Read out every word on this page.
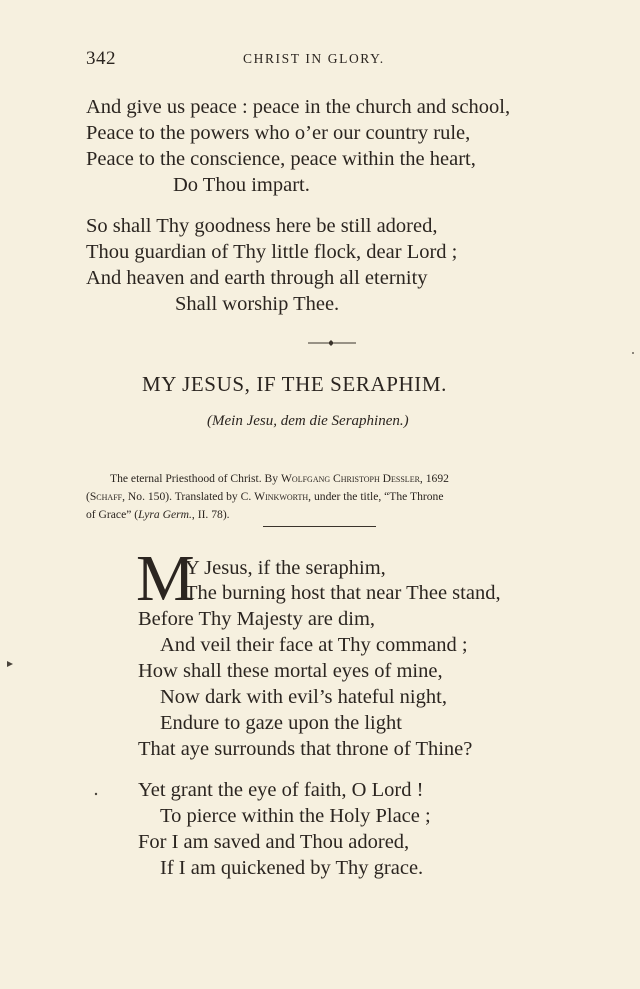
342	CHRIST IN GLORY.
And give us peace : peace in the church and school,
Peace to the powers who o’er our country rule,
Peace to the conscience, peace within the heart,
Do Thou impart.
So shall Thy goodness here be still adored,
Thou guardian of Thy little flock, dear Lord ;
And heaven and earth through all eternity
Shall worship Thee.
MY JESUS, IF THE SERAPHIM.
(Mein Jesu, dem die Seraphinen.)
The eternal Priesthood of Christ. By Wolfgang Christoph Dessler, 1692
(Schaff, No. 150). Translated by C. Winkworth, under the title, “The Throne
of Grace” (Lyra Germ., II. 78).
M
Y Jesus, if the seraphim,
The burning host that near Thee stand,
Before Thy Majesty are dim,
And veil their face at Thy command ;
How shall these mortal eyes of mine,
Now dark with evil’s hateful night,
Endure to gaze upon the light
That aye surrounds that throne of Thine?
Yet grant the eye of faith, O Lord !
To pierce within the Holy Place ;
For I am saved and Thou adored,
If I am quickened by Thy grace.
